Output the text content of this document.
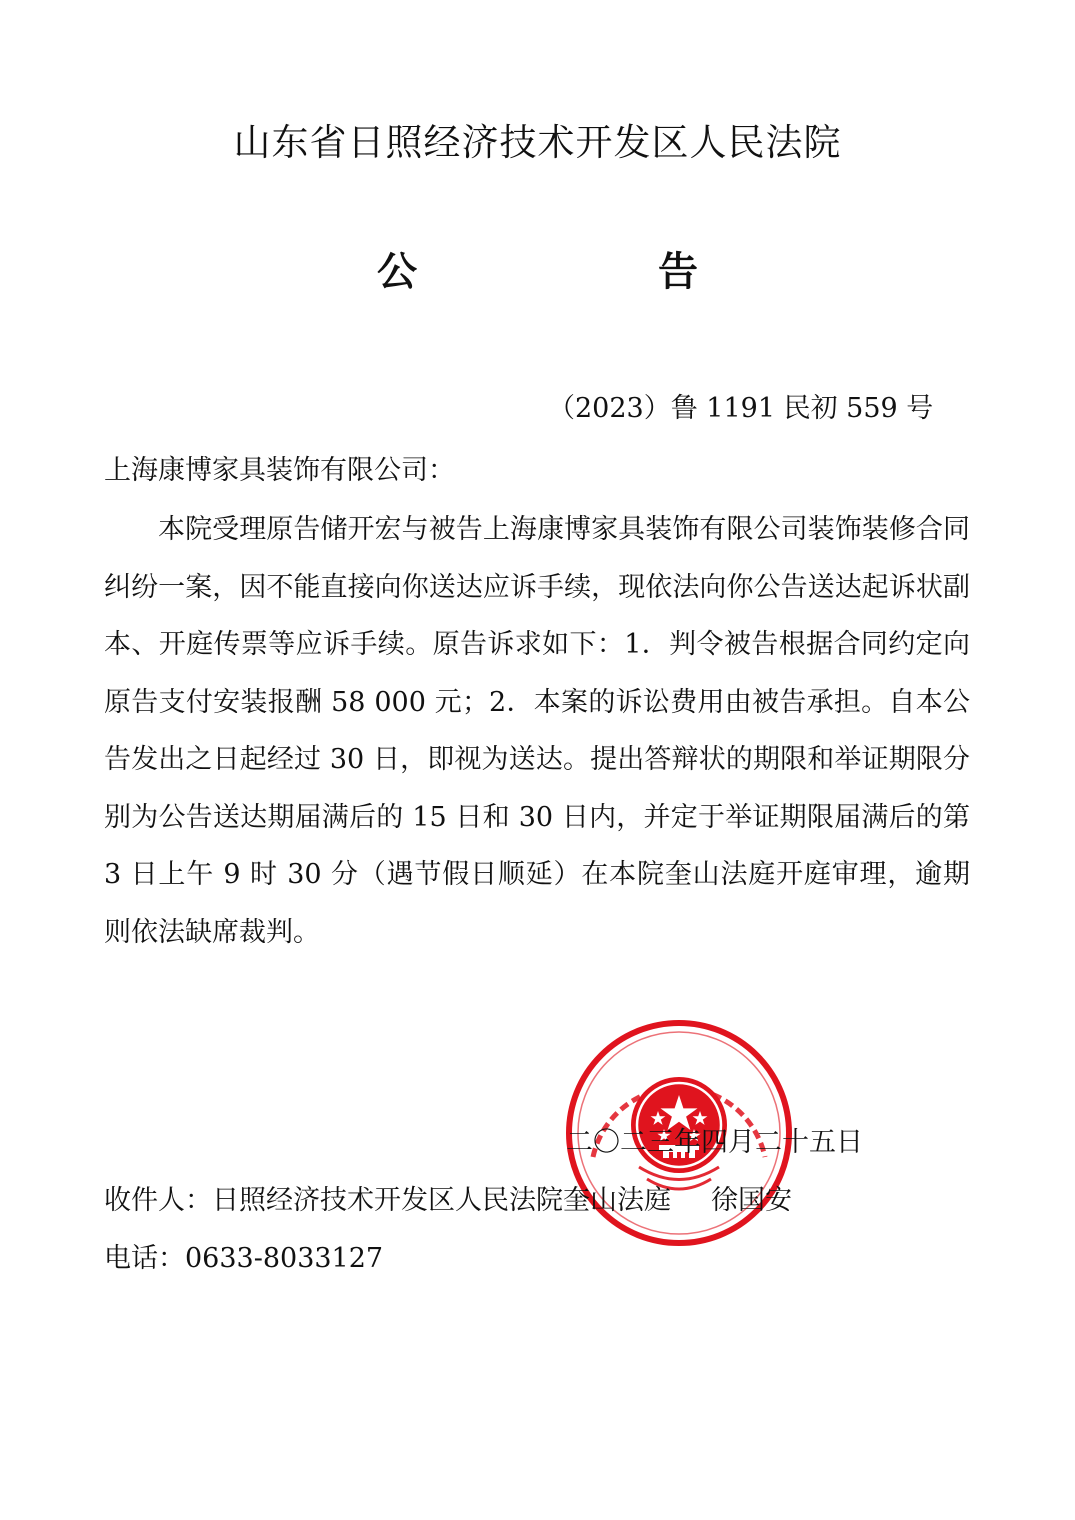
山东省日照经济技术开发区人民法院
公	告
（2023）鲁 1191 民初 559 号
上海康博家具装饰有限公司：

本院受理原告储开宏与被告上海康博家具装饰有限公司装饰装修合同纠纷一案，因不能直接向你送达应诉手续，现依法向你公告送达起诉状副本、开庭传票等应诉手续。原告诉求如下：1．判令被告根据合同约定向原告支付安装报酬 58 000 元；2．本案的诉讼费用由被告承担。自本公告发出之日起经过 30 日，即视为送达。提出答辩状的期限和举证期限分别为公告送达期届满后的 15 日和 30 日内，并定于举证期限届满后的第 3 日上午 9 时 30 分（遇节假日顺延）在本院奎山法庭开庭审理，逾期则依法缺席裁判。

二〇二三年四月二十五日
收件人：日照经济技术开发区人民法院奎山法庭 徐国安
电话：0633-8033127
